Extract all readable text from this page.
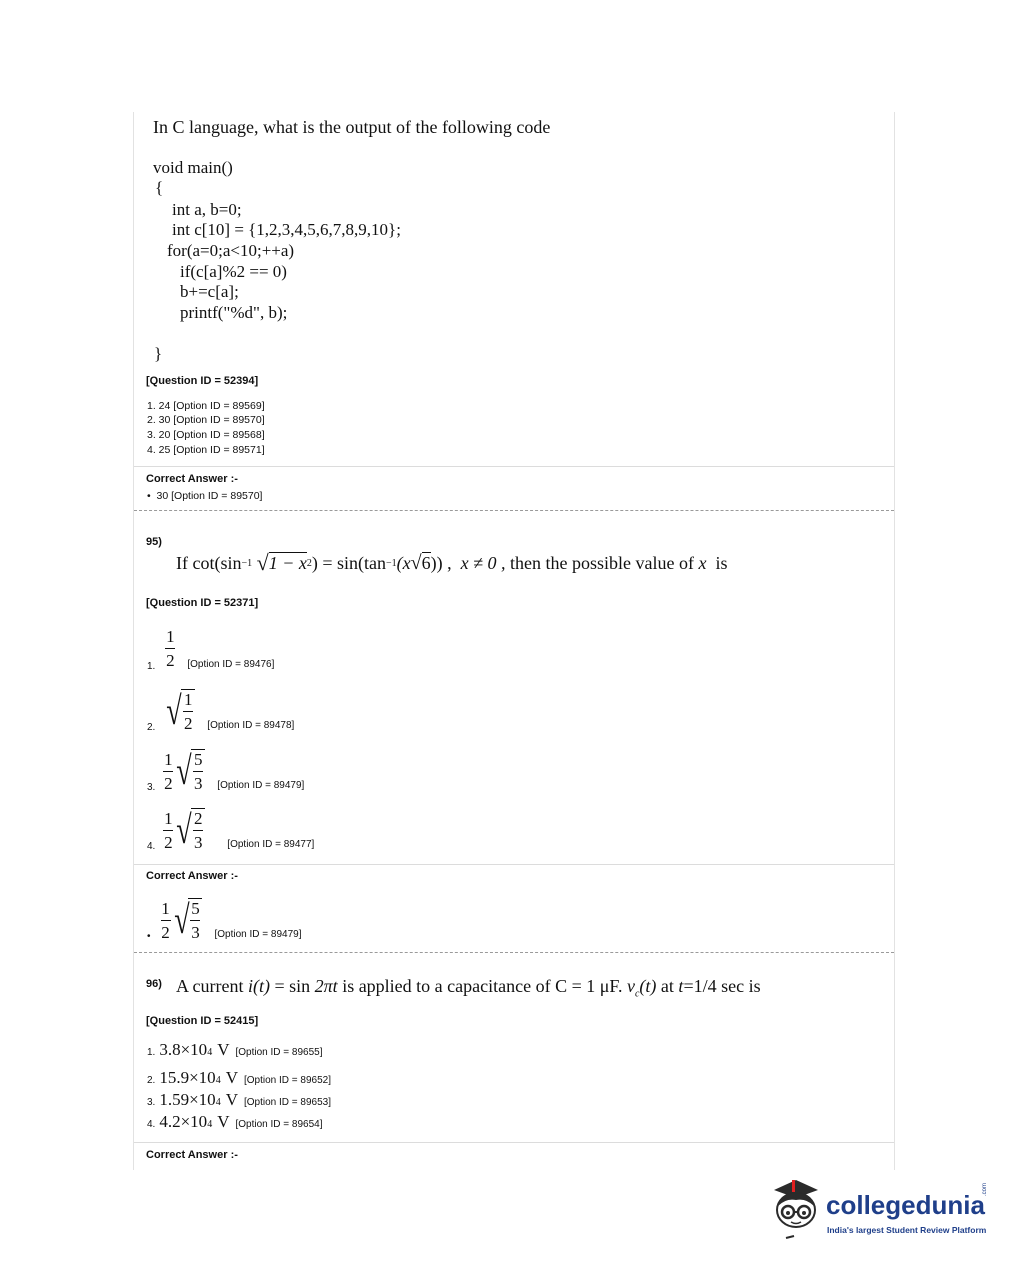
In C language, what is the output of the following code
void main()
{
int a, b=0;
int c[10] = {1,2,3,4,5,6,7,8,9,10};
for(a=0;a<10;++a)
if(c[a]%2 == 0)
b+=c[a];
printf("%d", b);
}
[Question ID = 52394]
1. 24 [Option ID = 89569]
2. 30 [Option ID = 89570]
3. 20 [Option ID = 89568]
4. 25 [Option ID = 89571]
Correct Answer :-
•  30 [Option ID = 89570]
95)
If
cot(sin −1
√ 1 − x 2 ) = sin(tan −1 (x √ 6 )) ,
x ≠ 0 ,
then the possible value of
x
is
[Question ID = 52371]
1. $\frac{1}{2}$ [Option ID = 89476]
2. √ $\frac{1}{2}$ [Option ID = 89478]
3. $\frac{1}{2}$ √ $\frac{5}{3}$ [Option ID = 89479]
4. $\frac{1}{2}$ √ $\frac{2}{3}$ [Option ID = 89477]
Correct Answer :-
• $\frac{1}{2}$ √ $\frac{5}{3}$ [Option ID = 89479]
96) A current i(t) = sin 2πt is applied to a capacitance of C = 1 μF. $v_c(t)$ at t=1/4 sec is
[Question ID = 52415]
1. 3.8×10 4 V [Option ID = 89655]
2. 15.9×10 4 V [Option ID = 89652]
3. 1.59×10 4 V [Option ID = 89653]
4. 4.2×10 4 V [Option ID = 89654]
Correct Answer :-
collegedunia
.com
India's largest Student Review Platform
